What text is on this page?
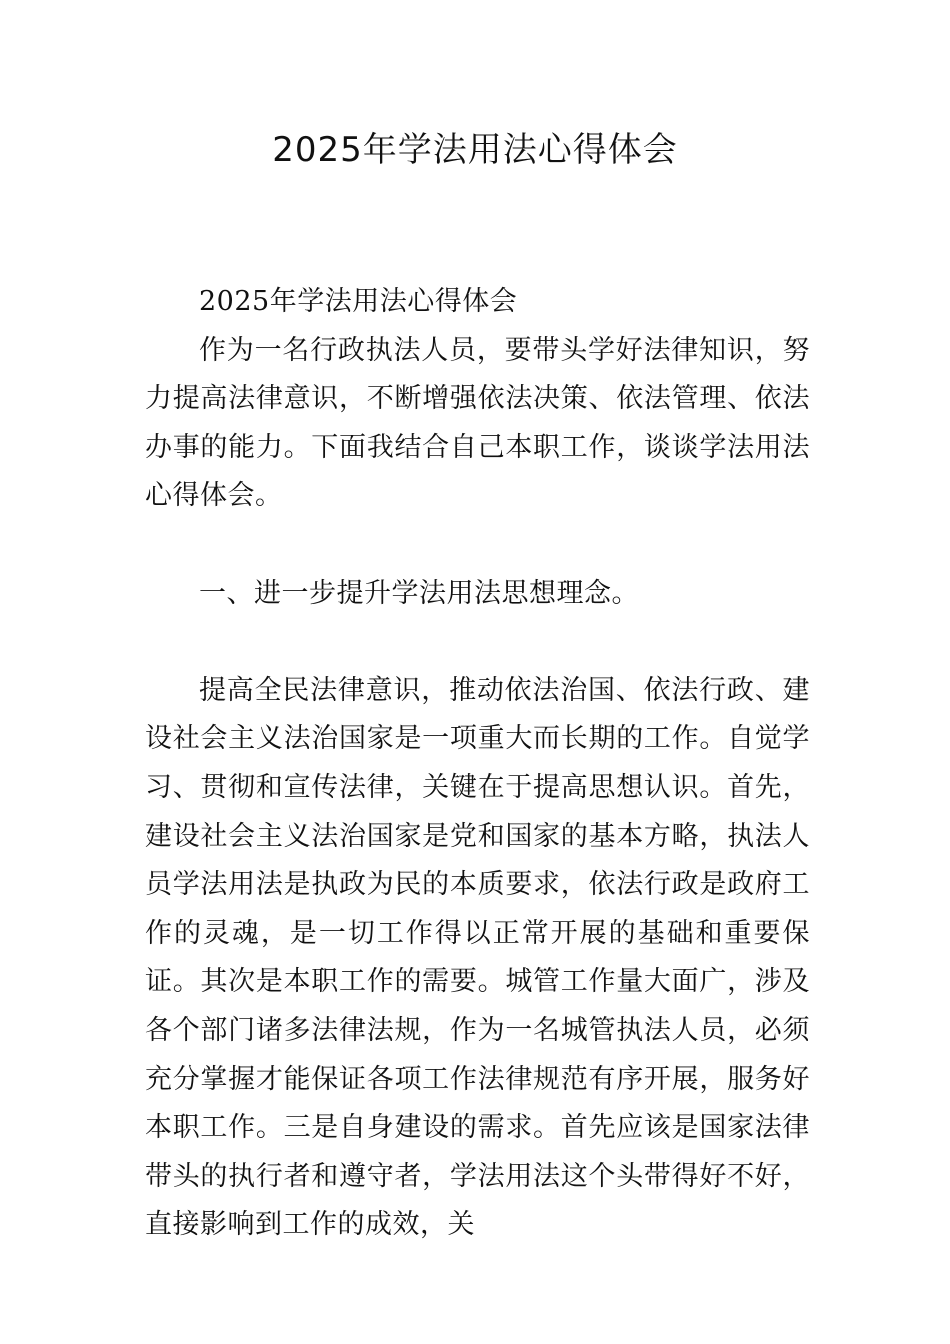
2025年学法用法心得体会

2025年学法用法心得体会

作为一名行政执法人员，要带头学好法律知识，努力提高法律意识，不断增强依法决策、依法管理、依法办事的能力。下面我结合自己本职工作，谈谈学法用法心得体会。

一、进一步提升学法用法思想理念。

提高全民法律意识，推动依法治国、依法行政、建设社会主义法治国家是一项重大而长期的工作。自觉学习、贯彻和宣传法律，关键在于提高思想认识。首先，建设社会主义法治国家是党和国家的基本方略，执法人员学法用法是执政为民的本质要求，依法行政是政府工作的灵魂，是一切工作得以正常开展的基础和重要保证。其次是本职工作的需要。城管工作量大面广，涉及各个部门诸多法律法规，作为一名城管执法人员，必须充分掌握才能保证各项工作法律规范有序开展，服务好本职工作。三是自身建设的需求。首先应该是国家法律带头的执行者和遵守者，学法用法这个头带得好不好，直接影响到工作的成效，关
